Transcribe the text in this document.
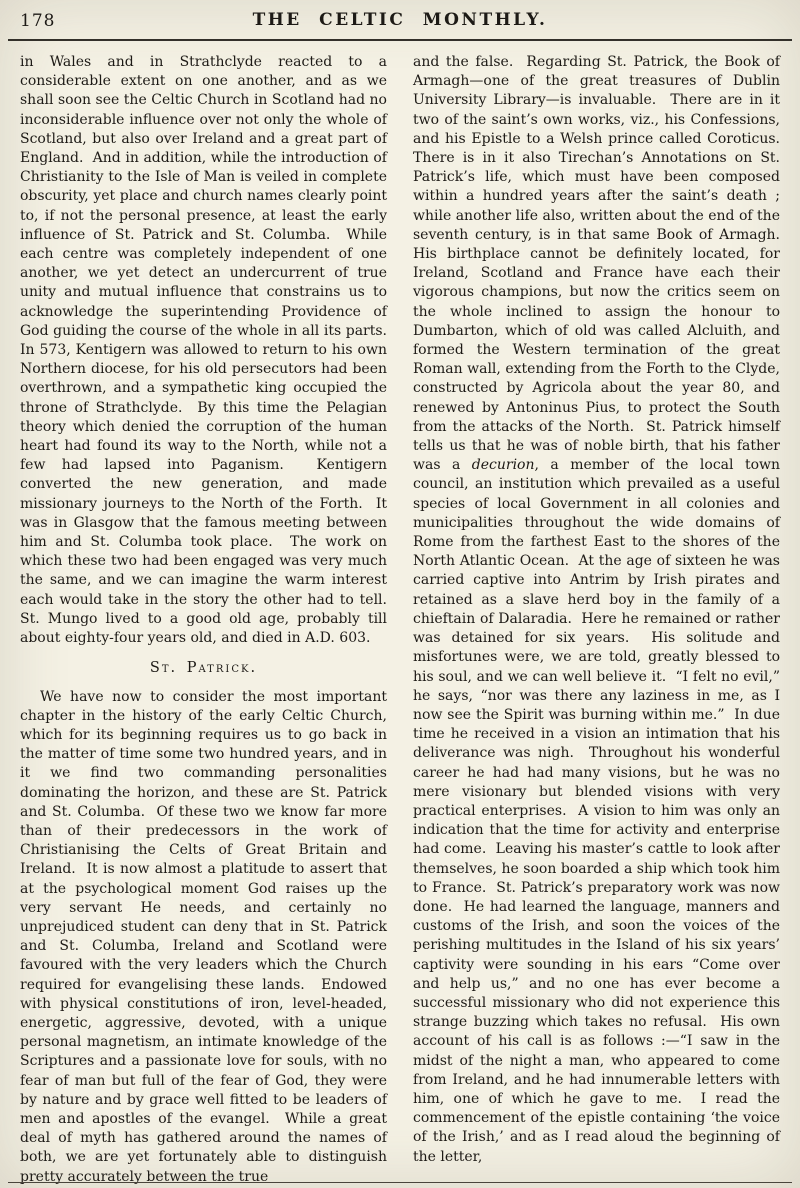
178	THE CELTIC MONTHLY.

in Wales and in Strathclyde reacted to a considerable extent on one another, and as we shall soon see the Celtic Church in Scotland had no inconsiderable influence over not only the whole of Scotland, but also over Ireland and a great part of England.  And in addition, while the introduction of Christianity to the Isle of Man is veiled in complete obscurity, yet place and church names clearly point to, if not the personal presence, at least the early influence of St. Patrick and St. Columba.  While each centre was completely independent of one another, we yet detect an undercurrent of true unity and mutual influence that constrains us to acknowledge the superintending Providence of God guiding the course of the whole in all its parts.  In 573, Kentigern was allowed to return to his own Northern diocese, for his old persecutors had been overthrown, and a sympathetic king occupied the throne of Strathclyde.  By this time the Pelagian theory which denied the corruption of the human heart had found its way to the North, while not a few had lapsed into Paganism.  Kentigern converted the new generation, and made missionary journeys to the North of the Forth.  It was in Glasgow that the famous meeting between him and St. Columba took place.  The work on which these two had been engaged was very much the same, and we can imagine the warm interest each would take in the story the other had to tell.  St. Mungo lived to a good old age, probably till about eighty-four years old, and died in A.D. 603.

St. Patrick.

We have now to consider the most important chapter in the history of the early Celtic Church, which for its beginning requires us to go back in the matter of time some two hundred years, and in it we find two commanding personalities dominating the horizon, and these are St. Patrick and St. Columba.  Of these two we know far more than of their predecessors in the work of Christianising the Celts of Great Britain and Ireland.  It is now almost a platitude to assert that at the psychological moment God raises up the very servant He needs, and certainly no unprejudiced student can deny that in St. Patrick and St. Columba, Ireland and Scotland were favoured with the very leaders which the Church required for evangelising these lands.  Endowed with physical constitutions of iron, level-headed, energetic, aggressive, devoted, with a unique personal magnetism, an intimate knowledge of the Scriptures and a passionate love for souls, with no fear of man but full of the fear of God, they were by nature and by grace well fitted to be leaders of men and apostles of the evangel.  While a great deal of myth has gathered around the names of both, we are yet fortunately able to distinguish pretty accurately between the true

and the false.  Regarding St. Patrick, the Book of Armagh—one of the great treasures of Dublin University Library—is invaluable.  There are in it two of the saint’s own works, viz., his Confessions, and his Epistle to a Welsh prince called Coroticus.  There is in it also Tirechan’s Annotations on St. Patrick’s life, which must have been composed within a hundred years after the saint’s death ; while another life also, written about the end of the seventh century, is in that same Book of Armagh.  His birthplace cannot be definitely located, for Ireland, Scotland and France have each their vigorous champions, but now the critics seem on the whole inclined to assign the honour to Dumbarton, which of old was called Alcluith, and formed the Western termination of the great Roman wall, extending from the Forth to the Clyde, constructed by Agricola about the year 80, and renewed by Antoninus Pius, to protect the South from the attacks of the North.  St. Patrick himself tells us that he was of noble birth, that his father was a decurion, a member of the local town council, an institution which prevailed as a useful species of local Government in all colonies and municipalities throughout the wide domains of Rome from the farthest East to the shores of the North Atlantic Ocean.  At the age of sixteen he was carried captive into Antrim by Irish pirates and retained as a slave herd boy in the family of a chieftain of Dalaradia.  Here he remained or rather was detained for six years.  His solitude and misfortunes were, we are told, greatly blessed to his soul, and we can well believe it.  “I felt no evil,” he says, “nor was there any laziness in me, as I now see the Spirit was burning within me.”  In due time he received in a vision an intimation that his deliverance was nigh.  Throughout his wonderful career he had had many visions, but he was no mere visionary but blended visions with very practical enterprises.  A vision to him was only an indication that the time for activity and enterprise had come.  Leaving his master’s cattle to look after themselves, he soon boarded a ship which took him to France.  St. Patrick’s preparatory work was now done.  He had learned the language, manners and customs of the Irish, and soon the voices of the perishing multitudes in the Island of his six years’ captivity were sounding in his ears “Come over and help us,” and no one has ever become a successful missionary who did not experience this strange buzzing which takes no refusal.  His own account of his call is as follows :—“I saw in the midst of the night a man, who appeared to come from Ireland, and he had innumerable letters with him, one of which he gave to me.  I read the commencement of the epistle containing ‘the voice of the Irish,’ and as I read aloud the beginning of the letter,
